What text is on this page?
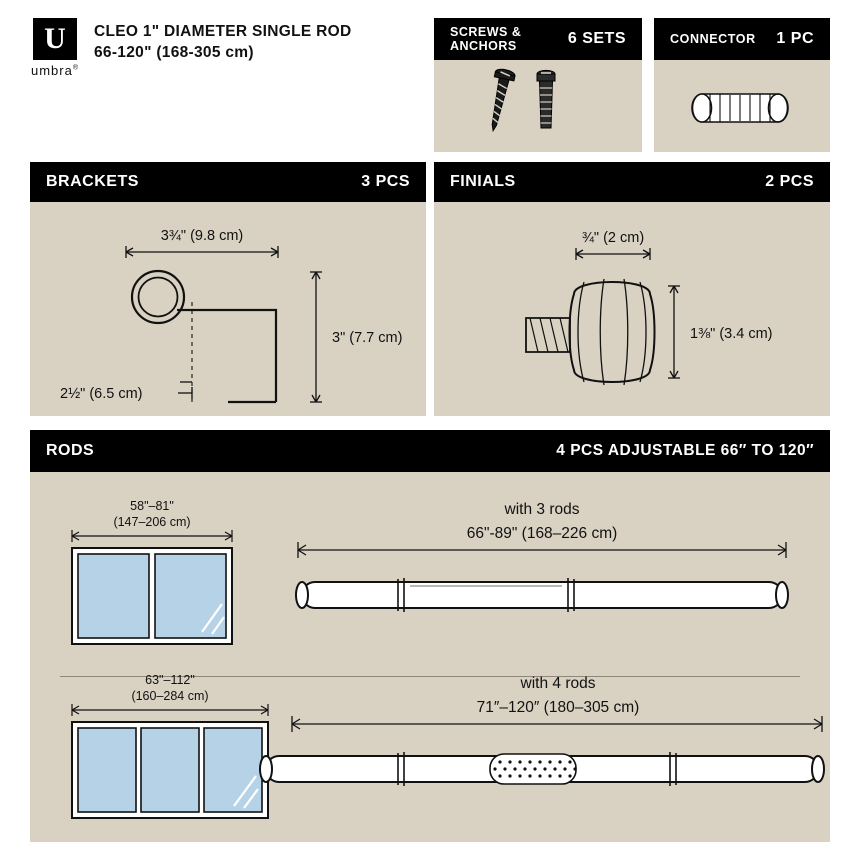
U
umbra®
CLEO 1" DIAMETER SINGLE ROD
66-120" (168-305 cm)
SCREWS &
ANCHORS	6 SETS	CONNECTOR 1 PC
BRACKETS	3 PCS
3¾" (9.8 cm)
3" (7.7 cm)
2½" (6.5 cm)
FINIALS	2 PCS
¾" (2 cm)
1⅜" (3.4 cm)
RODS	4 PCS ADJUSTABLE 66″ TO 120″
58"–81"
(147–206 cm)
with 3 rods
66"-89" (168–226 cm)
63"–112"
(160–284 cm)
with 4 rods
71″–120″ (180–305 cm)
